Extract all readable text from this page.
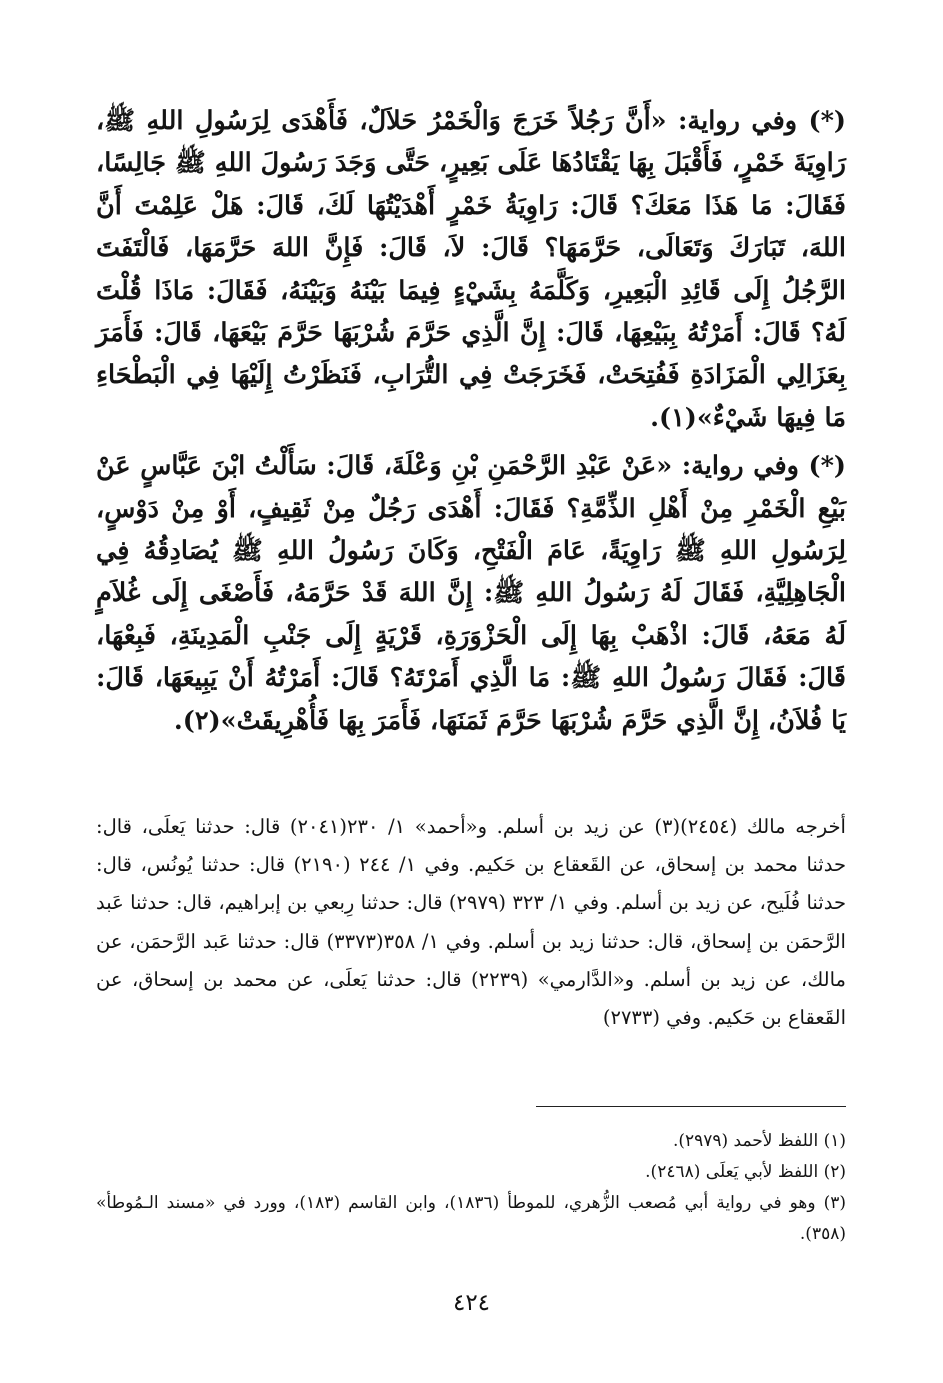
(*) وفي رواية: «أَنَّ رَجُلاً خَرَجَ وَالْخَمْرُ حَلاَلٌ، فَأَهْدَى لِرَسُولِ اللهِ ﷺ، رَاوِيَةَ خَمْرٍ، فَأَقْبَلَ بِهَا يَقْتَادُهَا عَلَى بَعِيرٍ، حَتَّى وَجَدَ رَسُولَ اللهِ ﷺ جَالِسًا، فَقَالَ: مَا هَذَا مَعَكَ؟ قَالَ: رَاوِيَةُ خَمْرٍ أَهْدَيْتُهَا لَكَ، قَالَ: هَلْ عَلِمْتَ أَنَّ اللهَ، تَبَارَكَ وَتَعَالَى، حَرَّمَهَا؟ قَالَ: لاَ، قَالَ: فَإِنَّ اللهَ حَرَّمَهَا، فَالْتَفَتَ الرَّجُلُ إِلَى قَائِدِ الْبَعِيرِ، وَكَلَّمَهُ بِشَيْءٍ فِيمَا بَيْنَهُ وَبَيْنَهُ، فَقَالَ: مَاذَا قُلْتَ لَهُ؟ قَالَ: أَمَرْتُهُ بِبَيْعِهَا، قَالَ: إِنَّ الَّذِي حَرَّمَ شُرْبَهَا حَرَّمَ بَيْعَهَا، قَالَ: فَأَمَرَ بِعَزَالِي الْمَزَادَةِ فَفُتِحَتْ، فَخَرَجَتْ فِي التُّرَابِ، فَنَظَرْتُ إِلَيْهَا فِي الْبَطْحَاءِ مَا فِيهَا شَيْءٌ»(١).

(*) وفي رواية: «عَنْ عَبْدِ الرَّحْمَنِ بْنِ وَعْلَةَ، قَالَ: سَأَلْتُ ابْنَ عَبَّاسٍ عَنْ بَيْعِ الْخَمْرِ مِنْ أَهْلِ الذِّمَّةِ؟ فَقَالَ: أَهْدَى رَجُلٌ مِنْ ثَقِيفٍ، أَوْ مِنْ دَوْسٍ، لِرَسُولِ اللهِ ﷺ رَاوِيَةً، عَامَ الْفَتْحِ، وَكَانَ رَسُولُ اللهِ ﷺ يُصَادِقُهُ فِي الْجَاهِلِيَّةِ، فَقَالَ لَهُ رَسُولُ اللهِ ﷺ: إِنَّ اللهَ قَدْ حَرَّمَهُ، فَأَصْغَى إِلَى غُلاَمٍ لَهُ مَعَهُ، قَالَ: اذْهَبْ بِهَا إِلَى الْحَزْوَرَةِ، قَرْيَةٍ إِلَى جَنْبِ الْمَدِينَةِ، فَبِعْهَا، قَالَ: فَقَالَ رَسُولُ اللهِ ﷺ: مَا الَّذِي أَمَرْتَهُ؟ قَالَ: أَمَرْتُهُ أَنْ يَبِيعَهَا، قَالَ: يَا فُلاَنُ، إِنَّ الَّذِي حَرَّمَ شُرْبَهَا حَرَّمَ ثَمَنَهَا، فَأَمَرَ بِهَا فَأُهْرِيقَتْ»(٢).

أخرجه مالك (٢٤٥٤)(٣) عن زيد بن أسلم. و«أحمد» ١/ ٢٣٠(٢٠٤١) قال: حدثنا يَعلَى، قال: حدثنا محمد بن إسحاق، عن القَعقاع بن حَكيم. وفي ١/ ٢٤٤ (٢١٩٠) قال: حدثنا يُونُس، قال: حدثنا فُلَيح، عن زيد بن أسلم. وفي ١/ ٣٢٣ (٢٩٧٩) قال: حدثنا رِبعي بن إبراهيم، قال: حدثنا عَبد الرَّحمَن بن إسحاق، قال: حدثنا زيد بن أسلم. وفي ١/ ٣٥٨(٣٣٧٣) قال: حدثنا عَبد الرَّحمَن، عن مالك، عن زيد بن أسلم. و«الدَّارمي» (٢٢٣٩) قال: حدثنا يَعلَى، عن محمد بن إسحاق، عن القَعقاع بن حَكيم. وفي (٢٧٣٣)

(١) اللفظ لأحمد (٢٩٧٩).
(٢) اللفظ لأبي يَعلَى (٢٤٦٨).
(٣) وهو في رواية أبي مُصعب الزُّهري، للموطأ (١٨٣٦)، وابن القاسم (١٨٣)، وورد في «مسند الـمُوطأ» (٣٥٨).
٤٢٤
